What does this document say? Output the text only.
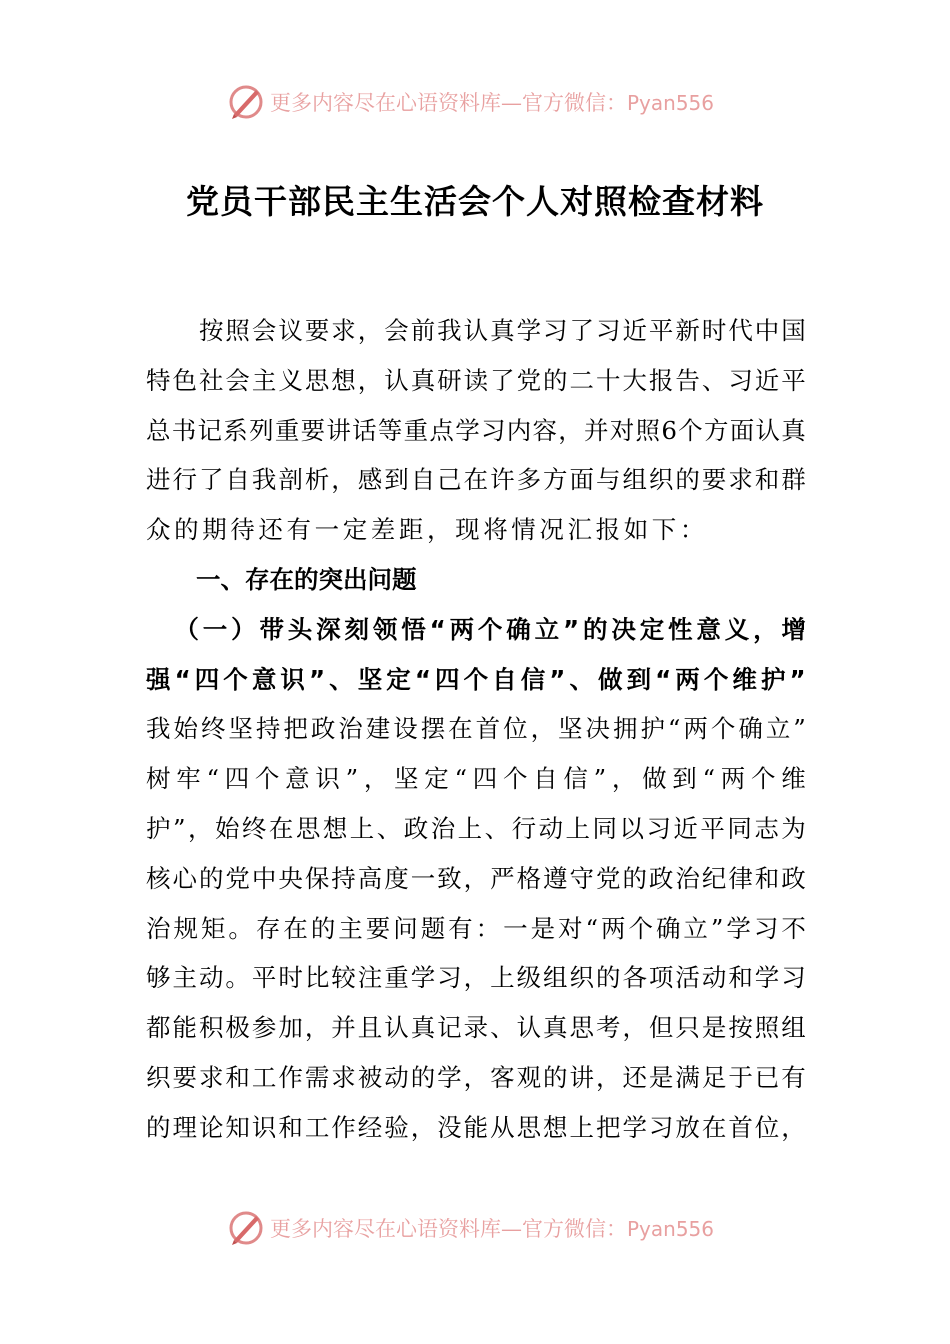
更多内容尽在心语资料库—官方微信：Pyan556
党员干部民主生活会个人对照检查材料

按 照 会 议 要 求 ， 会 前 我 认 真 学 习 了 习 近 平 新 时 代 中 国
特 色 社 会 主 义 思 想 ， 认 真 研 读 了 党 的 二 十 大 报 告 、 习 近 平
总 书 记 系 列 重 要 讲 话 等 重 点 学 习 内 容 ， 并 对 照 6 个 方 面 认 真
进 行 了 自 我 剖 析 ， 感 到 自 己 在 许 多 方 面 与 组 织 的 要 求 和 群
众的期待还有一定差距，现将情况汇报如下：
一、存在的突出问题

（ 一 ） 带 头 深 刻 领 悟 “ 两 个 确 立 ” 的 决 定 性 意 义 ， 增
强 “ 四 个 意 识 ” 、 坚 定 “ 四 个 自 信 ” 、 做 到 “ 两 个 维 护 ”
我 始 终 坚 持 把 政 治 建 设 摆 在 首 位 ， 坚 决 拥 护 “ 两 个 确 立 ”
树 牢 “ 四 个 意 识 ” ， 坚 定 “ 四 个 自 信 ” ， 做 到 “ 两 个 维
护 ” ， 始 终 在 思 想 上 、 政 治 上 、 行 动 上 同 以 习 近 平 同 志 为
核 心 的 党 中 央 保 持 高 度 一 致 ， 严 格 遵 守 党 的 政 治 纪 律 和 政
治 规 矩 。 存 在 的 主 要 问 题 有 ： 一 是 对 “ 两 个 确 立 ” 学 习 不
够 主 动 。 平 时 比 较 注 重 学 习 ， 上 级 组 织 的 各 项 活 动 和 学 习
都 能 积 极 参 加 ， 并 且 认 真 记 录 、 认 真 思 考 ， 但 只 是 按 照 组
织 要 求 和 工 作 需 求 被 动 的 学 ， 客 观 的 讲 ， 还 是 满 足 于 已 有
的 理 论 知 识 和 工 作 经 验 ， 没 能 从 思 想 上 把 学 习 放 在 首 位 ，
更多内容尽在心语资料库—官方微信：Pyan556
